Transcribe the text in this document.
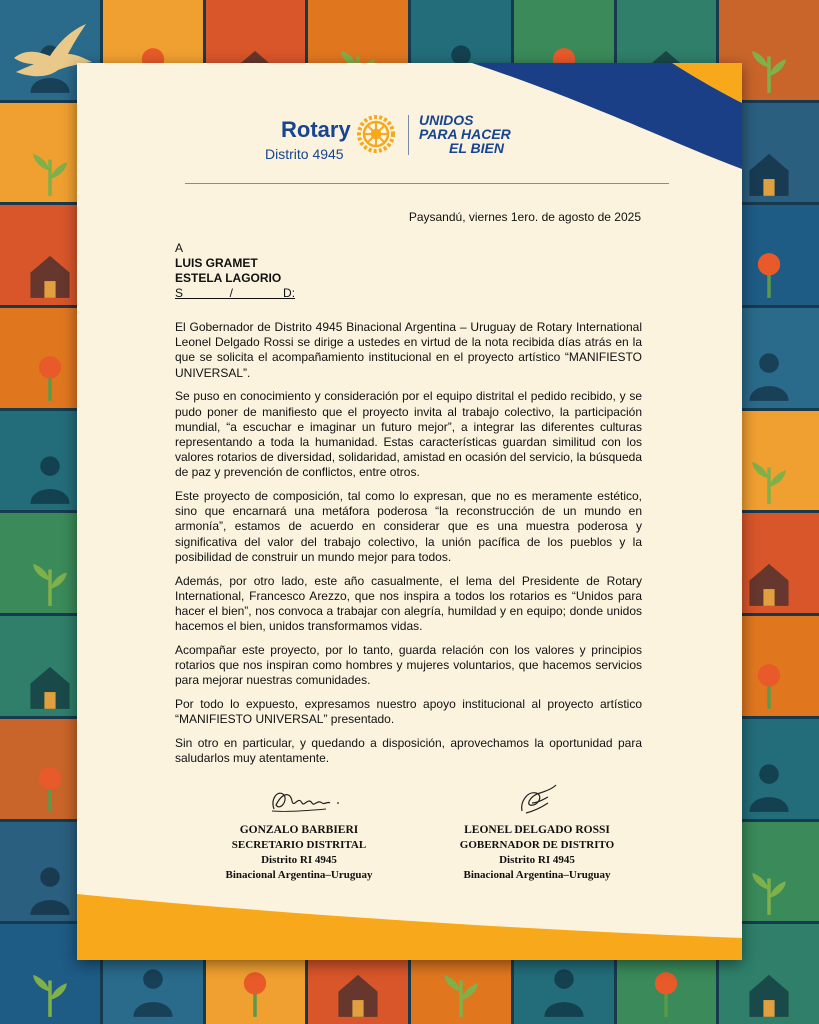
Rotary
Distrito 4945
UNIDOS
PARA HACER
EL BIEN
Paysandú, viernes 1ero. de agosto de 2025
A
LUIS GRAMET
ESTELA LAGORIO
S              /               D:

El Gobernador de Distrito 4945 Binacional Argentina – Uruguay de Rotary International Leonel Delgado Rossi se dirige a ustedes en virtud de la nota recibida días atrás en la que se solicita el acompañamiento institucional en el proyecto artístico “MANIFIESTO UNIVERSAL”.

Se puso en conocimiento y consideración por el equipo distrital el pedido recibido, y se pudo poner de manifiesto que el proyecto invita al trabajo colectivo, la participación mundial, “a escuchar e imaginar un futuro mejor”, a integrar las diferentes culturas representando a toda la humanidad. Estas características guardan similitud con los valores rotarios de diversidad, solidaridad, amistad en ocasión del servicio, la búsqueda de paz y prevención de conflictos, entre otros.

Este proyecto de composición, tal como lo expresan, que no es meramente estético, sino que encarnará una metáfora poderosa “la reconstrucción de un mundo en armonía”, estamos de acuerdo en considerar que es una muestra poderosa y significativa del valor del trabajo colectivo, la unión pacífica de los pueblos y la posibilidad de construir un mundo mejor para todos.

Además, por otro lado, este año casualmente, el lema del Presidente de Rotary International, Francesco Arezzo, que nos inspira a todos los rotarios es “Unidos para hacer el bien”, nos convoca a trabajar con alegría, humildad y en equipo; donde unidos hacemos el bien, unidos transformamos vidas.

Acompañar este proyecto, por lo tanto, guarda relación con los valores y principios rotarios que nos inspiran como hombres y mujeres voluntarios, que hacemos servicios para mejorar nuestras comunidades.

Por todo lo expuesto, expresamos nuestro apoyo institucional al proyecto artístico “MANIFIESTO UNIVERSAL” presentado.

Sin otro en particular, y quedando a disposición, aprovechamos la oportunidad para saludarlos muy atentamente.

GONZALO BARBIERI
SECRETARIO DISTRITAL
Distrito RI 4945
Binacional Argentina–Uruguay
LEONEL DELGADO ROSSI
GOBERNADOR DE DISTRITO
Distrito RI 4945
Binacional Argentina–Uruguay
